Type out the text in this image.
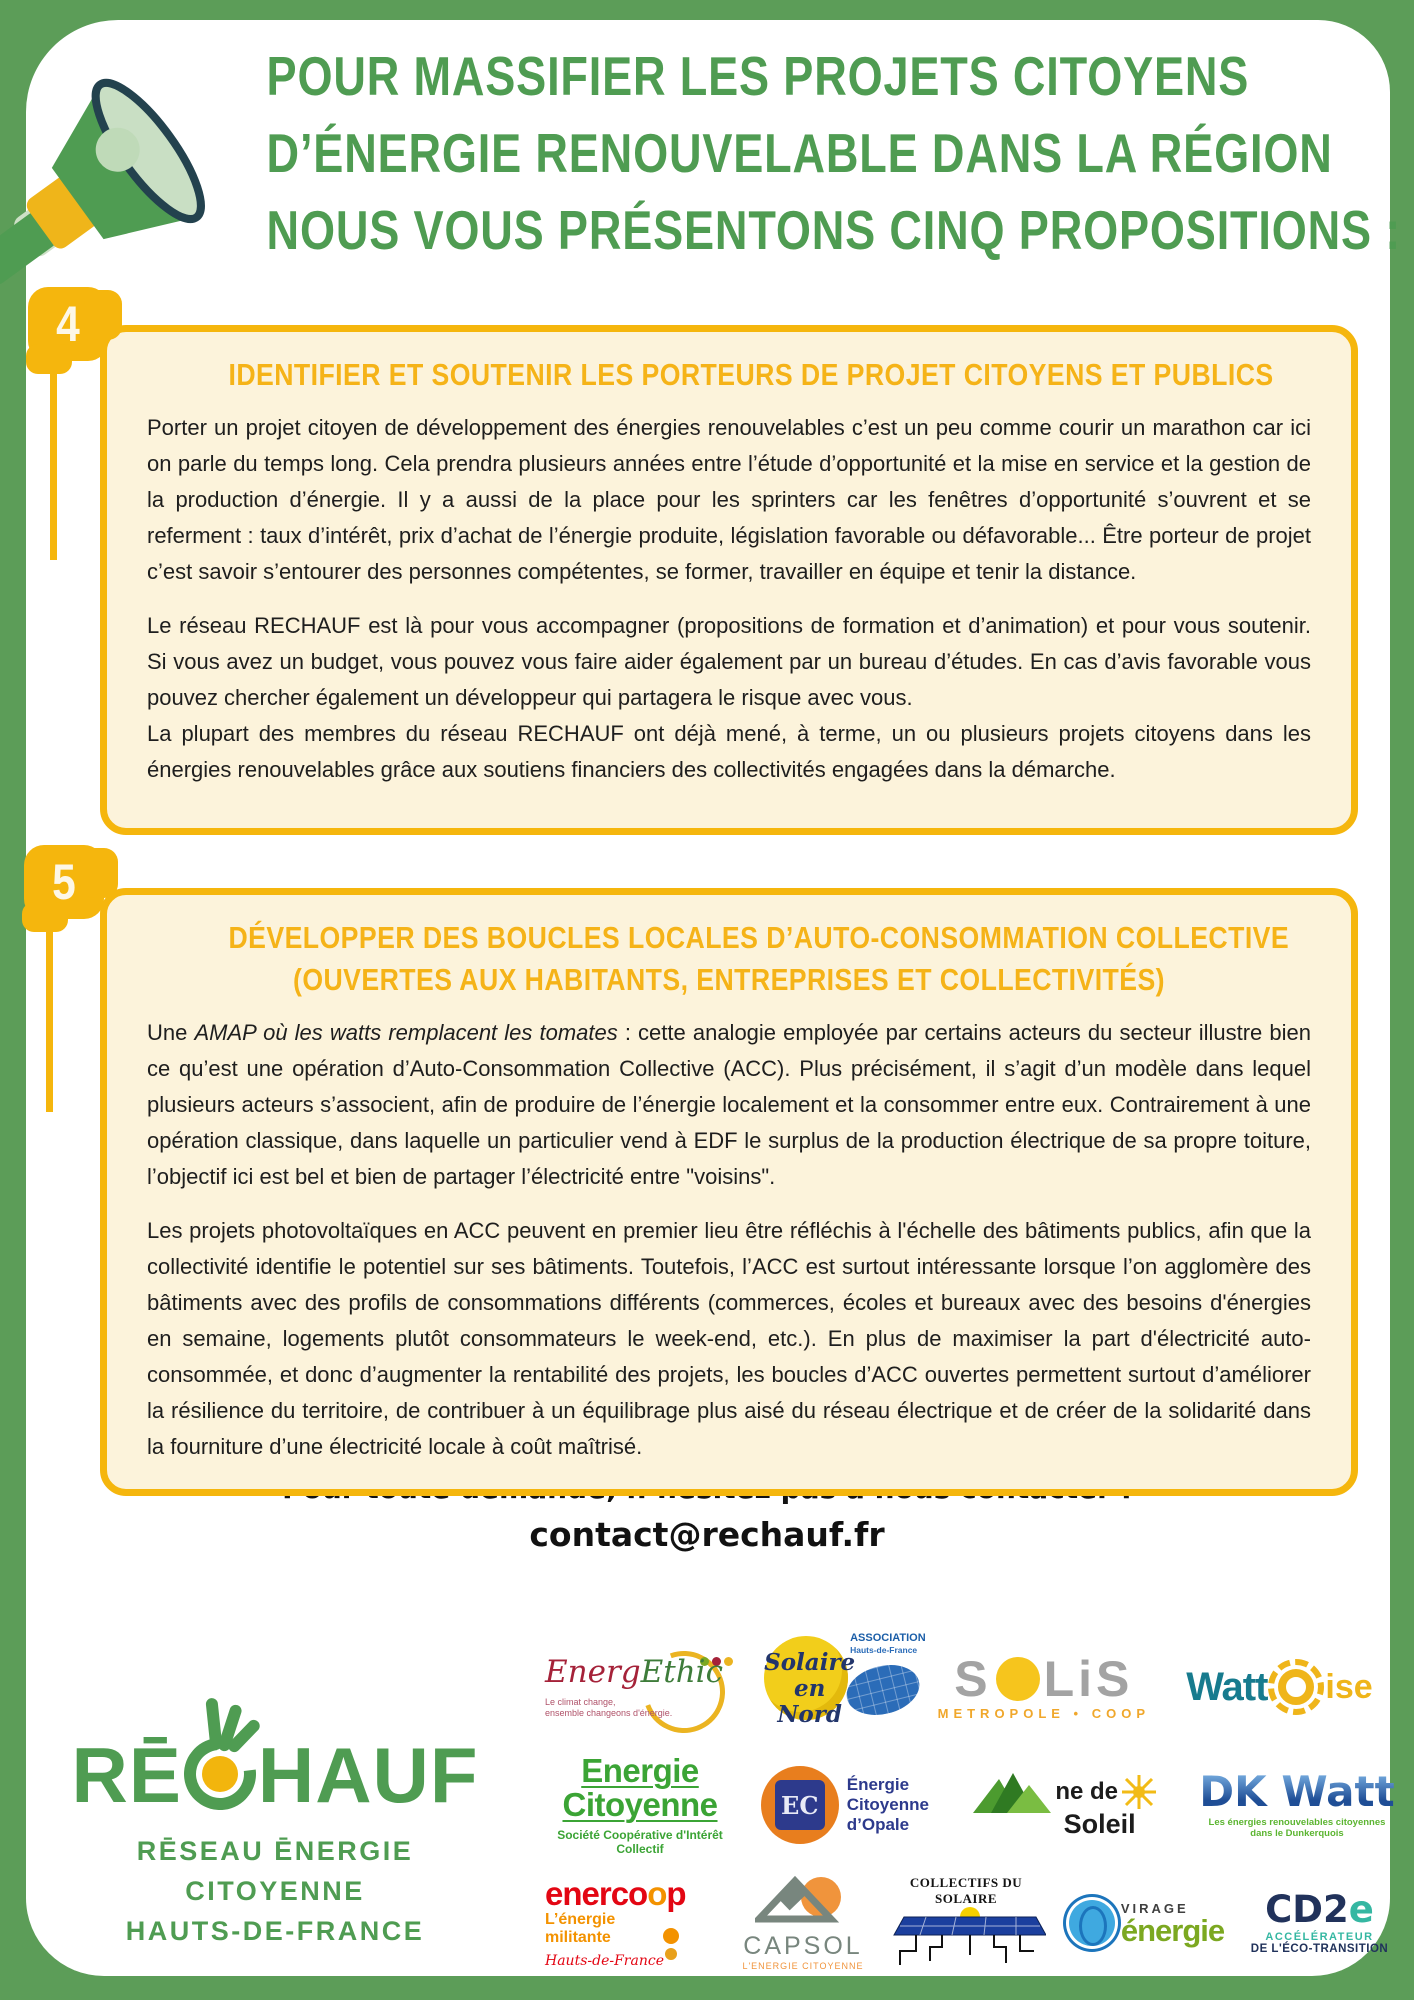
POUR MASSIFIER LES PROJETS CITOYENS
D’ÉNERGIE RENOUVELABLE DANS LA RÉGION
NOUS VOUS PRÉSENTONS CINQ PROPOSITIONS :
4
IDENTIFIER ET SOUTENIR LES PORTEURS DE PROJET CITOYENS ET PUBLICS

Porter un projet citoyen de développement des énergies renouvelables c’est un peu comme courir un marathon car ici on parle du temps long. Cela prendra plusieurs années entre l’étude d’opportunité et la mise en service et la gestion de la production d’énergie. Il y a aussi de la place pour les sprinters car les fenêtres d’opportunité s’ouvrent et se referment : taux d’intérêt, prix d’achat de l’énergie produite, législation favorable ou défavorable... Être porteur de projet c’est savoir s’entourer des personnes compétentes, se former, travailler en équipe et tenir la distance.

Le réseau RECHAUF est là pour vous accompagner (propositions de formation et d’animation) et pour vous soutenir. Si vous avez un budget, vous pouvez vous faire aider également par un bureau d’études. En cas d’avis favorable vous pouvez chercher également un développeur qui partagera le risque avec vous.
La plupart des membres du réseau RECHAUF ont déjà mené, à terme, un ou plusieurs projets citoyens dans les énergies renouvelables grâce aux soutiens financiers des collectivités engagées dans la démarche.

5
DÉVELOPPER DES BOUCLES LOCALES D’AUTO-CONSOMMATION COLLECTIVE
(OUVERTES AUX HABITANTS, ENTREPRISES ET COLLECTIVITÉS)

Une AMAP où les watts remplacent les tomates : cette analogie employée par certains acteurs du secteur illustre bien ce qu’est une opération d’Auto-Consommation Collective (ACC). Plus précisément, il s’agit d’un modèle dans lequel plusieurs acteurs s’associent, afin de produire de l’énergie localement et la consommer entre eux. Contrairement à une opération classique, dans laquelle un particulier vend à EDF le surplus de la production électrique de sa propre toiture, l’objectif ici est bel et bien de partager l’électricité entre "voisins".

Les projets photovoltaïques en ACC peuvent en premier lieu être réfléchis à l'échelle des bâtiments publics, afin que la collectivité identifie le potentiel sur ses bâtiments. Toutefois, l’ACC est surtout intéressante lorsque l’on agglomère des bâtiments avec des profils de consommations différents (commerces, écoles et bureaux avec des besoins d'énergies en semaine, logements plutôt consommateurs le week-end, etc.). En plus de maximiser la part d'électricité auto-consommée, et donc d’augmenter la rentabilité des projets, les boucles d’ACC ouvertes permettent surtout d’améliorer la résilience du territoire, de contribuer à un équilibrage plus aisé du réseau électrique et de créer de la solidarité dans la fourniture d’une électricité locale à coût maîtrisé.

contact@rechauf.fr
RĒ HAUF
RĒSEAU ĒNERGIE CITOYENNE
HAUTS-DE-FRANCE
EnergEthic
Le climat change,
ensemble changeons d'énergie.
Solaire
en Nord
ASSOCIATION
Hauts-de-France
S LiS
METROPOLE • COOP
Watt ise
Energie
Citoyenne
Société Coopérative d'Intérêt Collectif
EC
Énergie
Citoyenne
d’Opale
ne de
Soleil
DK Watt
Les énergies renouvelables citoyennes dans le Dunkerquois
enercoop
L’énergie
militante
Hauts-de-France
CAPSOL
L'ENERGIE CITOYENNE
COLLECTIFS DU SOLAIRE
VIRAGE
énergie CD2e
ACCÉLÉRATEUR
DE L'ÉCO-TRANSITION
